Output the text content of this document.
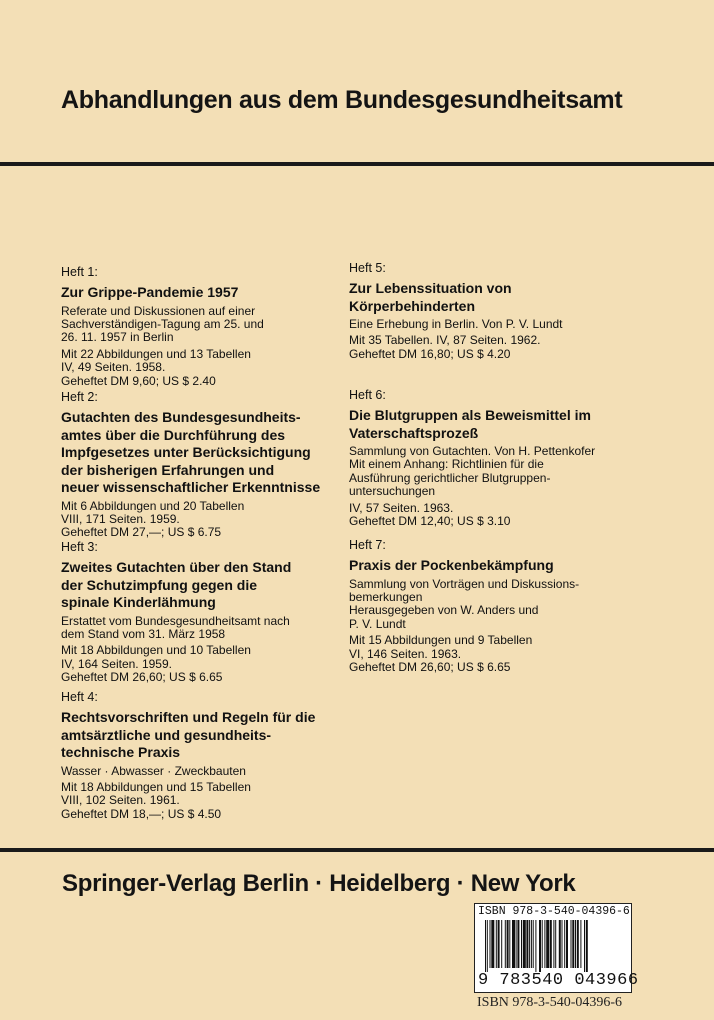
Abhandlungen aus dem Bundesgesundheitsamt
Heft 1:
Zur Grippe-Pandemie 1957
Referate und Diskussionen auf einer
Sachverständigen-Tagung am 25. und
26. 11. 1957 in Berlin
Mit 22 Abbildungen und 13 Tabellen
IV, 49 Seiten. 1958.
Geheftet DM 9,60; US $ 2.40
Heft 2:
Gutachten des Bundesgesundheits-
amtes über die Durchführung des
Impfgesetzes unter Berücksichtigung
der bisherigen Erfahrungen und
neuer wissenschaftlicher Erkenntnisse
Mit 6 Abbildungen und 20 Tabellen
VIII, 171 Seiten. 1959.
Geheftet DM 27,—; US $ 6.75
Heft 3:
Zweites Gutachten über den Stand
der Schutzimpfung gegen die
spinale Kinderlähmung
Erstattet vom Bundesgesundheitsamt nach
dem Stand vom 31. März 1958
Mit 18 Abbildungen und 10 Tabellen
IV, 164 Seiten. 1959.
Geheftet DM 26,60; US $ 6.65
Heft 4:
Rechtsvorschriften und Regeln für die
amtsärztliche und gesundheits-
technische Praxis
Wasser · Abwasser · Zweckbauten
Mit 18 Abbildungen und 15 Tabellen
VIII, 102 Seiten. 1961.
Geheftet DM 18,—; US $ 4.50
Heft 5:
Zur Lebenssituation von
Körperbehinderten
Eine Erhebung in Berlin. Von P. V. Lundt
Mit 35 Tabellen. IV, 87 Seiten. 1962.
Geheftet DM 16,80; US $ 4.20
Heft 6:
Die Blutgruppen als Beweismittel im
Vaterschaftsprozeß
Sammlung von Gutachten. Von H. Pettenkofer
Mit einem Anhang: Richtlinien für die
Ausführung gerichtlicher Blutgruppen-
untersuchungen
IV, 57 Seiten. 1963.
Geheftet DM 12,40; US $ 3.10
Heft 7:
Praxis der Pockenbekämpfung
Sammlung von Vorträgen und Diskussions-
bemerkungen
Herausgegeben von W. Anders und
P. V. Lundt
Mit 15 Abbildungen und 9 Tabellen
VI, 146 Seiten. 1963.
Geheftet DM 26,60; US $ 6.65
Springer-Verlag Berlin · Heidelberg · New York
ISBN 978-3-540-04396-6
9 783540 043966
ISBN 978-3-540-04396-6
